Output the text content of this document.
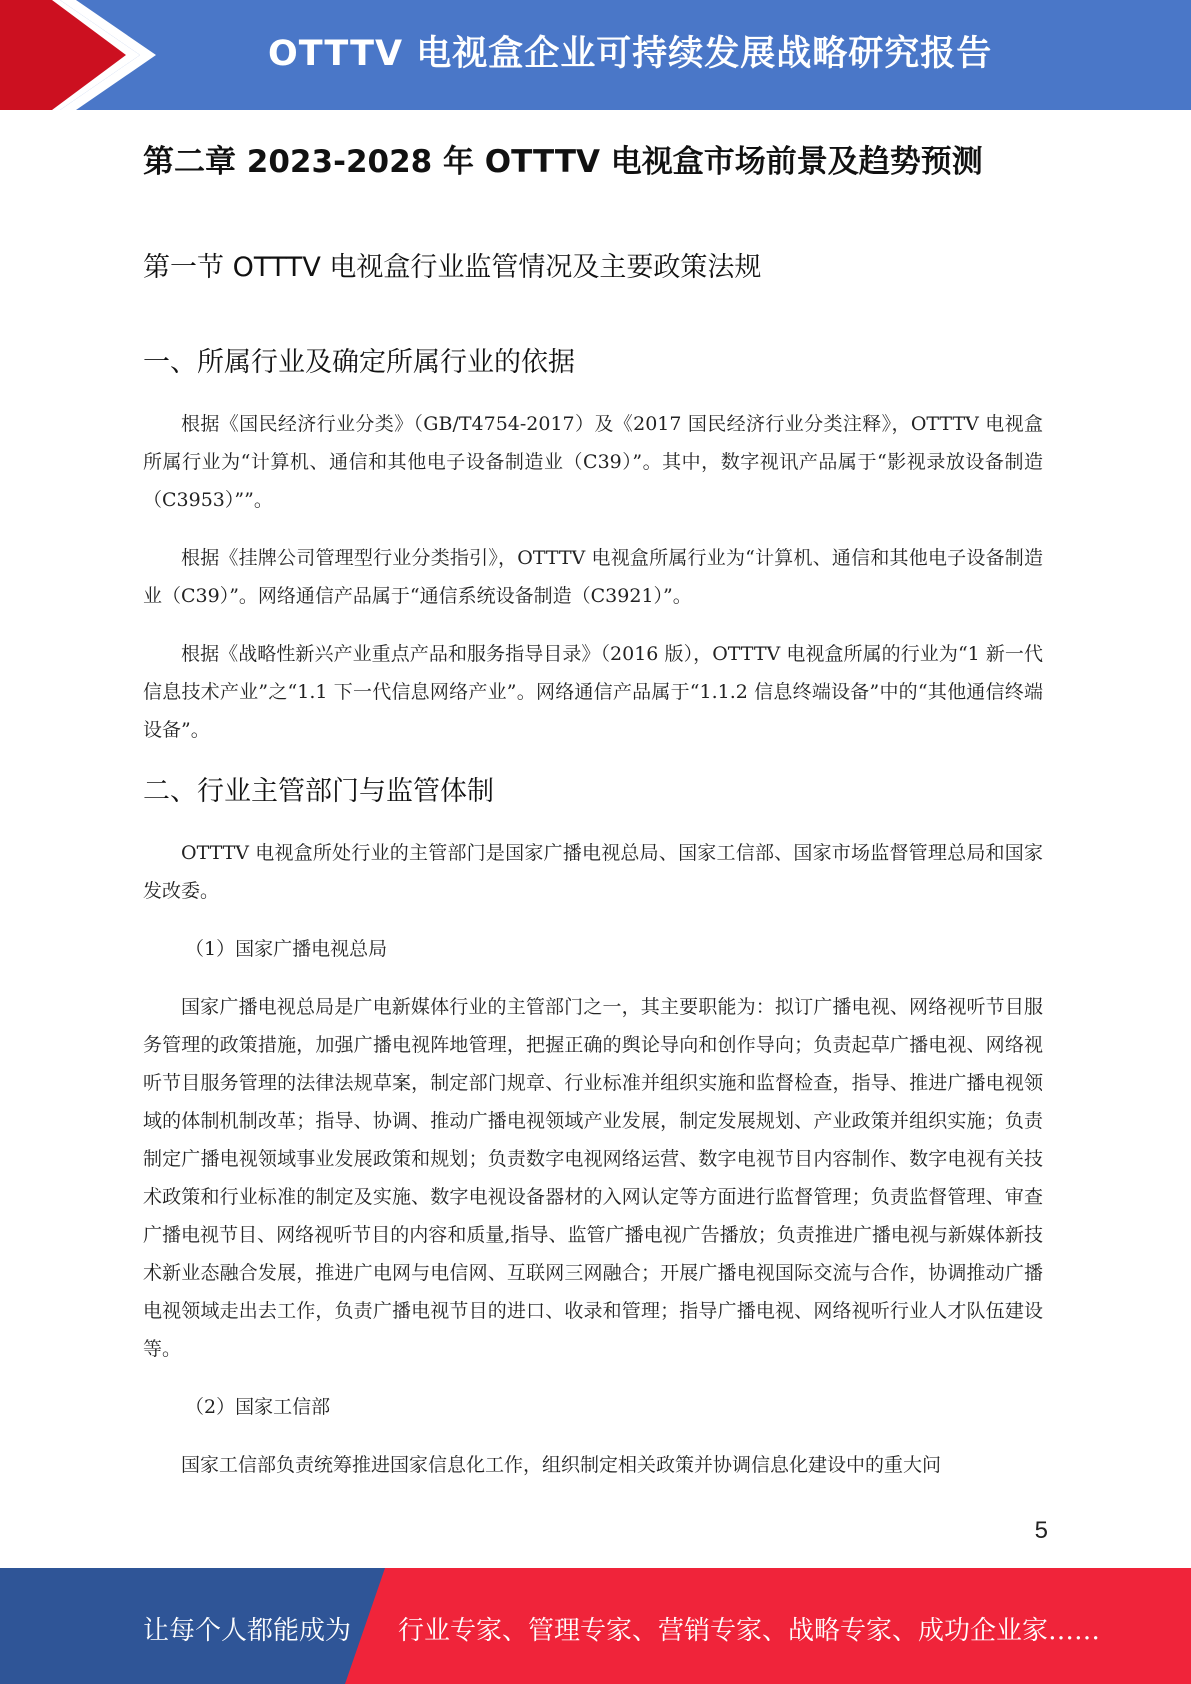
OTTTV 电视盒企业可持续发展战略研究报告
第二章 2023-2028 年 OTTTV 电视盒市场前景及趋势预测
第一节 OTTTV 电视盒行业监管情况及主要政策法规
一、所属行业及确定所属行业的依据

根据《国民经济行业分类》（GB/T4754-2017）及《2017 国民经济行业分类注释》，OTTTV 电视盒所属行业为“计算机、通信和其他电子设备制造业（C39）”。其中，数字视讯产品属于“影视录放设备制造（C3953）””。

根据《挂牌公司管理型行业分类指引》，OTTTV 电视盒所属行业为“计算机、通信和其他电子设备制造业（C39）”。网络通信产品属于“通信系统设备制造（C3921）”。

根据《战略性新兴产业重点产品和服务指导目录》（2016 版），OTTTV 电视盒所属的行业为“1 新一代信息技术产业”之“1.1 下一代信息网络产业”。网络通信产品属于“1.1.2 信息终端设备”中的“其他通信终端设备”。

二、行业主管部门与监管体制

OTTTV 电视盒所处行业的主管部门是国家广播电视总局、国家工信部、国家市场监督管理总局和国家发改委。

（1）国家广播电视总局

国家广播电视总局是广电新媒体行业的主管部门之一，其主要职能为：拟订广播电视、网络视听节目服务管理的政策措施，加强广播电视阵地管理，把握正确的舆论导向和创作导向；负责起草广播电视、网络视听节目服务管理的法律法规草案，制定部门规章、行业标准并组织实施和监督检查，指导、推进广播电视领域的体制机制改革；指导、协调、推动广播电视领域产业发展，制定发展规划、产业政策并组织实施；负责制定广播电视领域事业发展政策和规划；负责数字电视网络运营、数字电视节目内容制作、数字电视有关技术政策和行业标准的制定及实施、数字电视设备器材的入网认定等方面进行监督管理；负责监督管理、审查广播电视节目、网络视听节目的内容和质量,指导、监管广播电视广告播放；负责推进广播电视与新媒体新技术新业态融合发展，推进广电网与电信网、互联网三网融合；开展广播电视国际交流与合作，协调推动广播电视领域走出去工作，负责广播电视节目的进口、收录和管理；指导广播电视、网络视听行业人才队伍建设等。

（2）国家工信部

国家工信部负责统筹推进国家信息化工作，组织制定相关政策并协调信息化建设中的重大问

5
让每个人都能成为 行业专家、管理专家、营销专家、战略专家、成功企业家……
